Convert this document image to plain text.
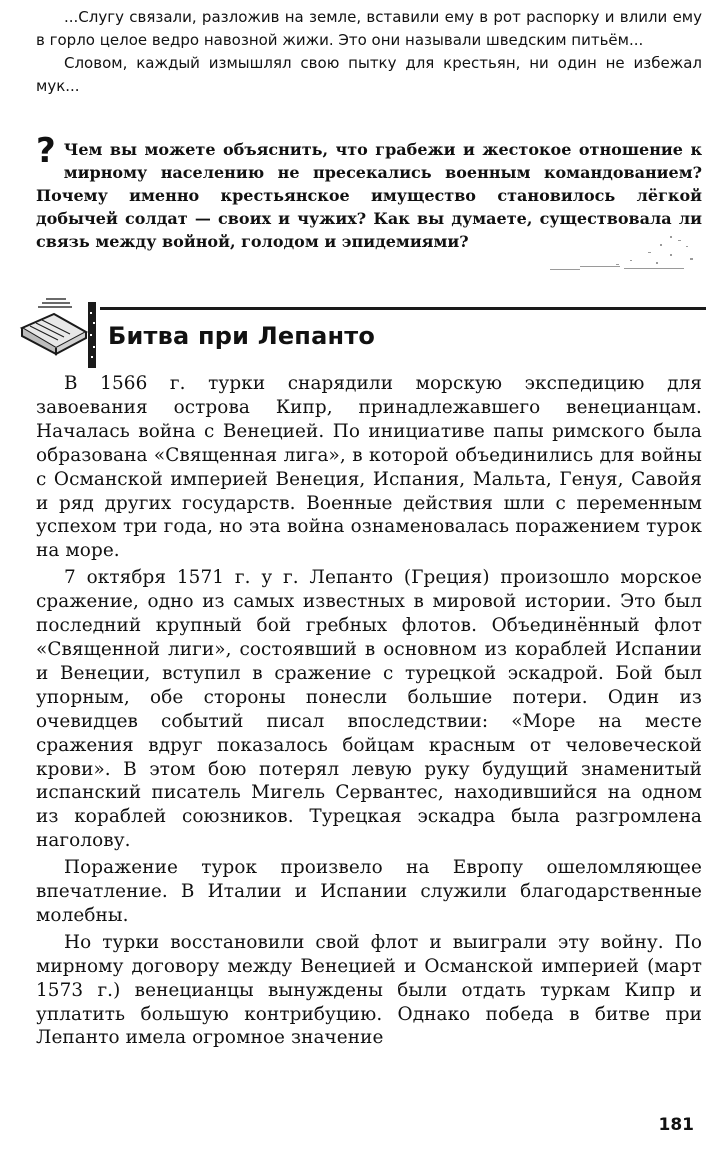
...Слугу связали, разложив на земле, вставили ему в рот распорку и влили ему в горло целое ведро навозной жижи. Это они называли шведским питьём...

Словом, каждый измышлял свою пытку для крестьян, ни один не избежал мук...

? Чем вы можете объяснить, что грабежи и жестокое отношение к мирному населению не пресекались военным командованием? Почему именно крестьянское имущество становилось лёгкой добычей солдат — своих и чужих? Как вы думаете, существовала ли связь между войной, голодом и эпидемиями?
Битва при Лепанто

В 1566 г. турки снарядили морскую экспедицию для завоевания острова Кипр, принадлежавшего венецианцам. Началась война с Венецией. По инициативе папы римского была образована «Священная лига», в которой объединились для войны с Османской империей Венеция, Испания, Мальта, Генуя, Савойя и ряд других государств. Военные действия шли с переменным успехом три года, но эта война ознаменовалась поражением турок на море.

7 октября 1571 г. у г. Лепанто (Греция) произошло морское сражение, одно из самых известных в мировой истории. Это был последний крупный бой гребных флотов. Объединённый флот «Священной лиги», состоявший в основном из кораблей Испании и Венеции, вступил в сражение с турецкой эскадрой. Бой был упорным, обе стороны понесли большие потери. Один из очевидцев событий писал впоследствии: «Море на месте сражения вдруг показалось бойцам красным от человеческой крови». В этом бою потерял левую руку будущий знаменитый испанский писатель Мигель Сервантес, находившийся на одном из кораблей союзников. Турецкая эскадра была разгромлена наголову.

Поражение турок произвело на Европу ошеломляющее впечатление. В Италии и Испании служили благодарственные молебны.

Но турки восстановили свой флот и выиграли эту войну. По мирному договору между Венецией и Османской империей (март 1573 г.) венецианцы вынуждены были отдать туркам Кипр и уплатить большую контрибуцию. Однако победа в битве при Лепанто имела огромное значение

181
